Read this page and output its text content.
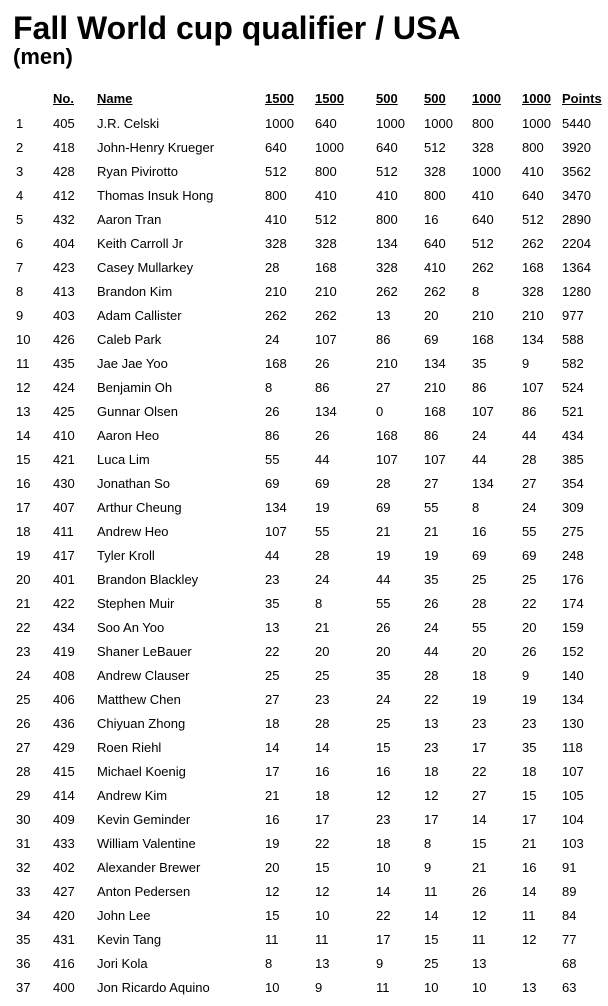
Fall World cup qualifier / USA
(men)
	No.	Name	1500	1500	500	500	1000	1000	Points
1	405	J.R. Celski	1000	640	1000	1000	800	1000	5440
2	418	John-Henry Krueger	640	1000	640	512	328	800	3920
3	428	Ryan Pivirotto	512	800	512	328	1000	410	3562
4	412	Thomas Insuk Hong	800	410	410	800	410	640	3470
5	432	Aaron Tran	410	512	800	16	640	512	2890
6	404	Keith Carroll Jr	328	328	134	640	512	262	2204
7	423	Casey Mullarkey	28	168	328	410	262	168	1364
8	413	Brandon Kim	210	210	262	262	8	328	1280
9	403	Adam Callister	262	262	13	20	210	210	977
10	426	Caleb Park	24	107	86	69	168	134	588
11	435	Jae Jae Yoo	168	26	210	134	35	9	582
12	424	Benjamin Oh	8	86	27	210	86	107	524
13	425	Gunnar Olsen	26	134	0	168	107	86	521
14	410	Aaron Heo	86	26	168	86	24	44	434
15	421	Luca Lim	55	44	107	107	44	28	385
16	430	Jonathan So	69	69	28	27	134	27	354
17	407	Arthur Cheung	134	19	69	55	8	24	309
18	411	Andrew Heo	107	55	21	21	16	55	275
19	417	Tyler Kroll	44	28	19	19	69	69	248
20	401	Brandon Blackley	23	24	44	35	25	25	176
21	422	Stephen Muir	35	8	55	26	28	22	174
22	434	Soo An Yoo	13	21	26	24	55	20	159
23	419	Shaner LeBauer	22	20	20	44	20	26	152
24	408	Andrew Clauser	25	25	35	28	18	9	140
25	406	Matthew Chen	27	23	24	22	19	19	134
26	436	Chiyuan Zhong	18	28	25	13	23	23	130
27	429	Roen Riehl	14	14	15	23	17	35	118
28	415	Michael Koenig	17	16	16	18	22	18	107
29	414	Andrew Kim	21	18	12	12	27	15	105
30	409	Kevin Geminder	16	17	23	17	14	17	104
31	433	William Valentine	19	22	18	8	15	21	103
32	402	Alexander Brewer	20	15	10	9	21	16	91
33	427	Anton Pedersen	12	12	14	11	26	14	89
34	420	John Lee	15	10	22	14	12	11	84
35	431	Kevin Tang	11	11	17	15	11	12	77
36	416	Jori Kola	8	13	9	25	13		68
37	400	Jon Ricardo Aquino	10	9	11	10	10	13	63
